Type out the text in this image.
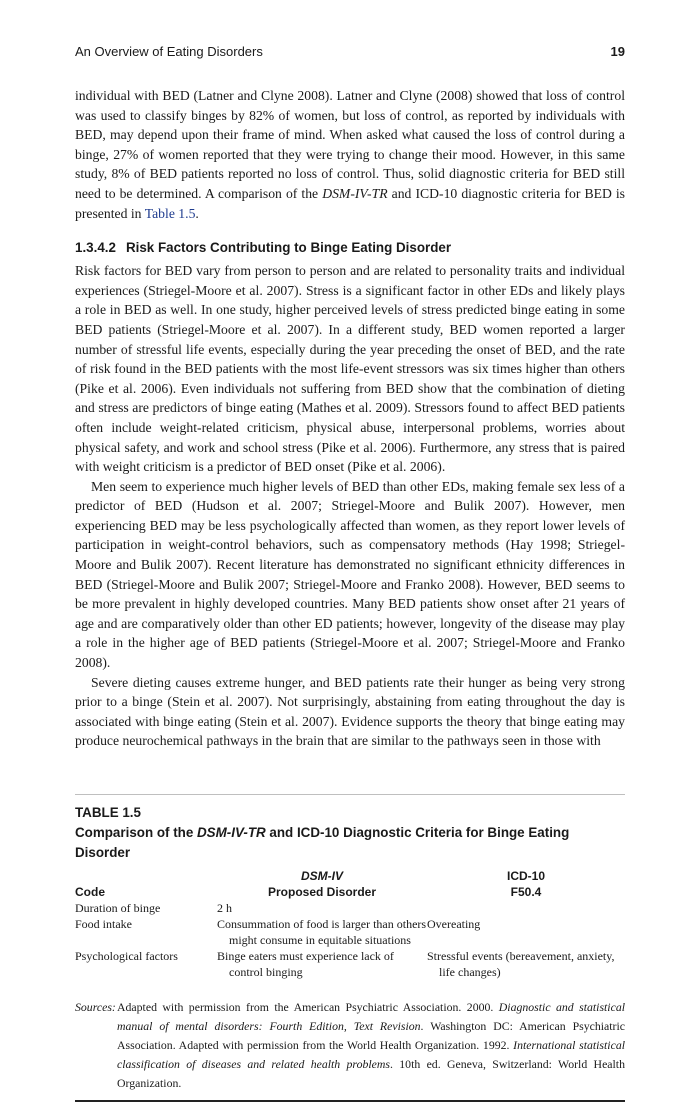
An Overview of Eating Disorders	19

individual with BED (Latner and Clyne 2008). Latner and Clyne (2008) showed that loss of control was used to classify binges by 82% of women, but loss of control, as reported by individuals with BED, may depend upon their frame of mind. When asked what caused the loss of control during a binge, 27% of women reported that they were trying to change their mood. However, in this same study, 8% of BED patients reported no loss of control. Thus, solid diagnostic criteria for BED still need to be determined. A comparison of the DSM-IV-TR and ICD-10 diagnostic criteria for BED is presented in Table 1.5.

1.3.4.2 Risk Factors Contributing to Binge Eating Disorder

Risk factors for BED vary from person to person and are related to personality traits and individual experiences (Striegel-Moore et al. 2007). Stress is a significant factor in other EDs and likely plays a role in BED as well. In one study, higher perceived levels of stress predicted binge eating in some BED patients (Striegel-Moore et al. 2007). In a different study, BED women reported a larger number of stressful life events, especially during the year preceding the onset of BED, and the rate of risk found in the BED patients with the most life-event stressors was six times higher than others (Pike et al. 2006). Even individuals not suffering from BED show that the combination of dieting and stress are predictors of binge eating (Mathes et al. 2009). Stressors found to affect BED patients often include weight-related criticism, physical abuse, interpersonal problems, worries about physical safety, and work and school stress (Pike et al. 2006). Furthermore, any stress that is paired with weight criticism is a predictor of BED onset (Pike et al. 2006).

Men seem to experience much higher levels of BED than other EDs, making female sex less of a predictor of BED (Hudson et al. 2007; Striegel-Moore and Bulik 2007). However, men experiencing BED may be less psychologically affected than women, as they report lower levels of participation in weight-control behaviors, such as compensatory methods (Hay 1998; Striegel-Moore and Bulik 2007). Recent literature has demonstrated no significant ethnicity differences in BED (Striegel-Moore and Bulik 2007; Striegel-Moore and Franko 2008). However, BED seems to be more prevalent in highly developed countries. Many BED patients show onset after 21 years of age and are comparatively older than other ED patients; however, longevity of the disease may play a role in the higher age of BED patients (Striegel-Moore et al. 2007; Striegel-Moore and Franko 2008).

Severe dieting causes extreme hunger, and BED patients rate their hunger as being very strong prior to a binge (Stein et al. 2007). Not surprisingly, abstaining from eating throughout the day is associated with binge eating (Stein et al. 2007). Evidence supports the theory that binge eating may produce neurochemical pathways in the brain that are similar to the pathways seen in those with

TABLE 1.5
Comparison of the DSM-IV-TR and ICD-10 Diagnostic Criteria for Binge Eating Disorder
	DSM-IV	ICD-10
Code	Proposed Disorder	F50.4
Duration of binge	2 h	
Food intake	Consummation of food is larger than others might consume in equitable situations	Overeating
Psychological factors	Binge eaters must experience lack of control binging	Stressful events (bereavement, anxiety, life changes)
Sources: Adapted with permission from the American Psychiatric Association. 2000. Diagnostic and statistical manual of mental disorders: Fourth Edition, Text Revision. Washington DC: American Psychiatric Association. Adapted with permission from the World Health Organization. 1992. International statistical classification of diseases and related health problems. 10th ed. Geneva, Switzerland: World Health Organization.
